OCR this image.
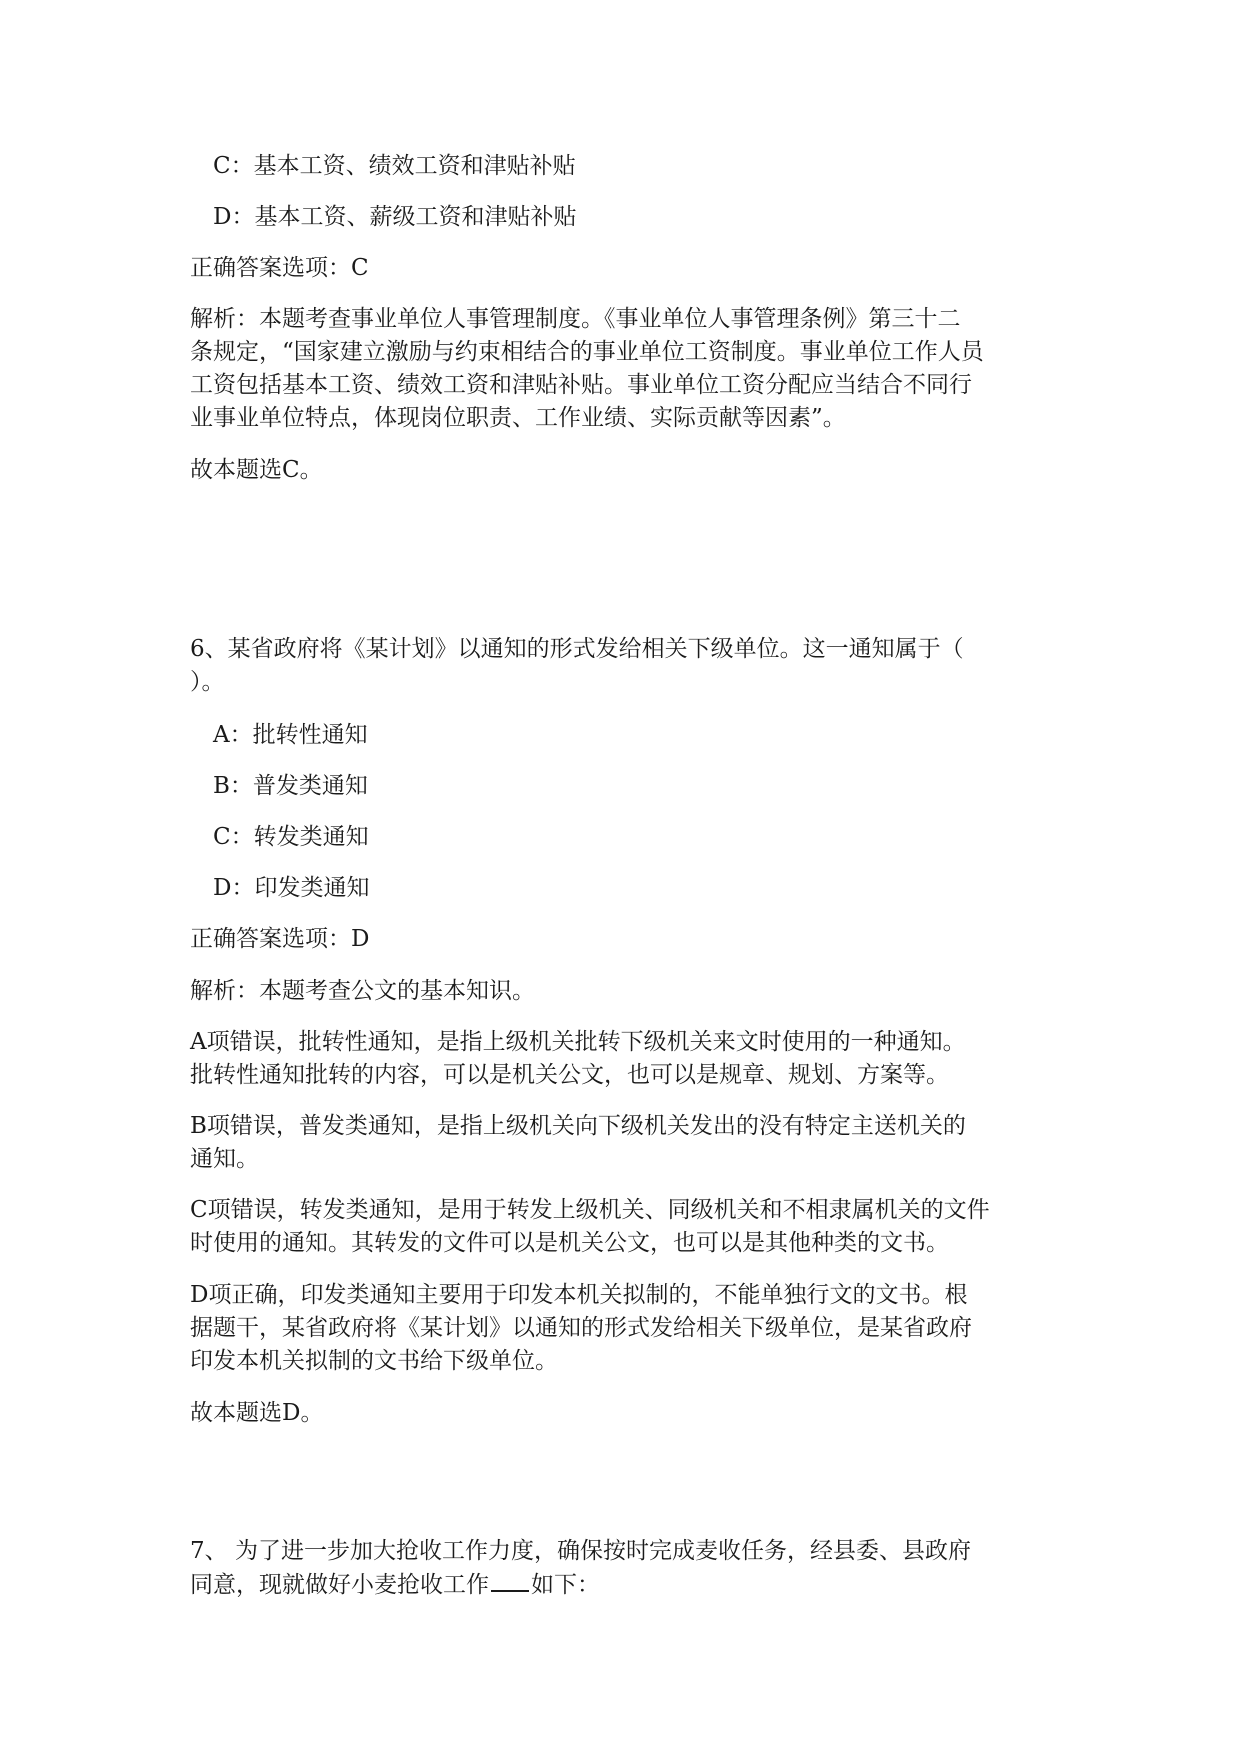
C：基本工资、绩效工资和津贴补贴
D：基本工资、薪级工资和津贴补贴
正确答案选项：C
解析：本题考查事业单位人事管理制度。《事业单位人事管理条例》第三十二
条规定，“国家建立激励与约束相结合的事业单位工资制度。事业单位工作人员
工资包括基本工资、绩效工资和津贴补贴。事业单位工资分配应当结合不同行
业事业单位特点，体现岗位职责、工作业绩、实际贡献等因素”。
故本题选C。
6、某省政府将《某计划》以通知的形式发给相关下级单位。这一通知属于（
）。
A：批转性通知
B：普发类通知
C：转发类通知
D：印发类通知
正确答案选项：D
解析：本题考查公文的基本知识。
A项错误，批转性通知，是指上级机关批转下级机关来文时使用的一种通知。
批转性通知批转的内容，可以是机关公文，也可以是规章、规划、方案等。
B项错误，普发类通知，是指上级机关向下级机关发出的没有特定主送机关的
通知。
C项错误，转发类通知，是用于转发上级机关、同级机关和不相隶属机关的文件
时使用的通知。其转发的文件可以是机关公文，也可以是其他种类的文书。
D项正确，印发类通知主要用于印发本机关拟制的，不能单独行文的文书。根
据题干，某省政府将《某计划》以通知的形式发给相关下级单位，是某省政府
印发本机关拟制的文书给下级单位。
故本题选D。
7、 为了进一步加大抢收工作力度，确保按时完成麦收任务，经县委、县政府
同意，现就做好小麦抢收工作 如下：
